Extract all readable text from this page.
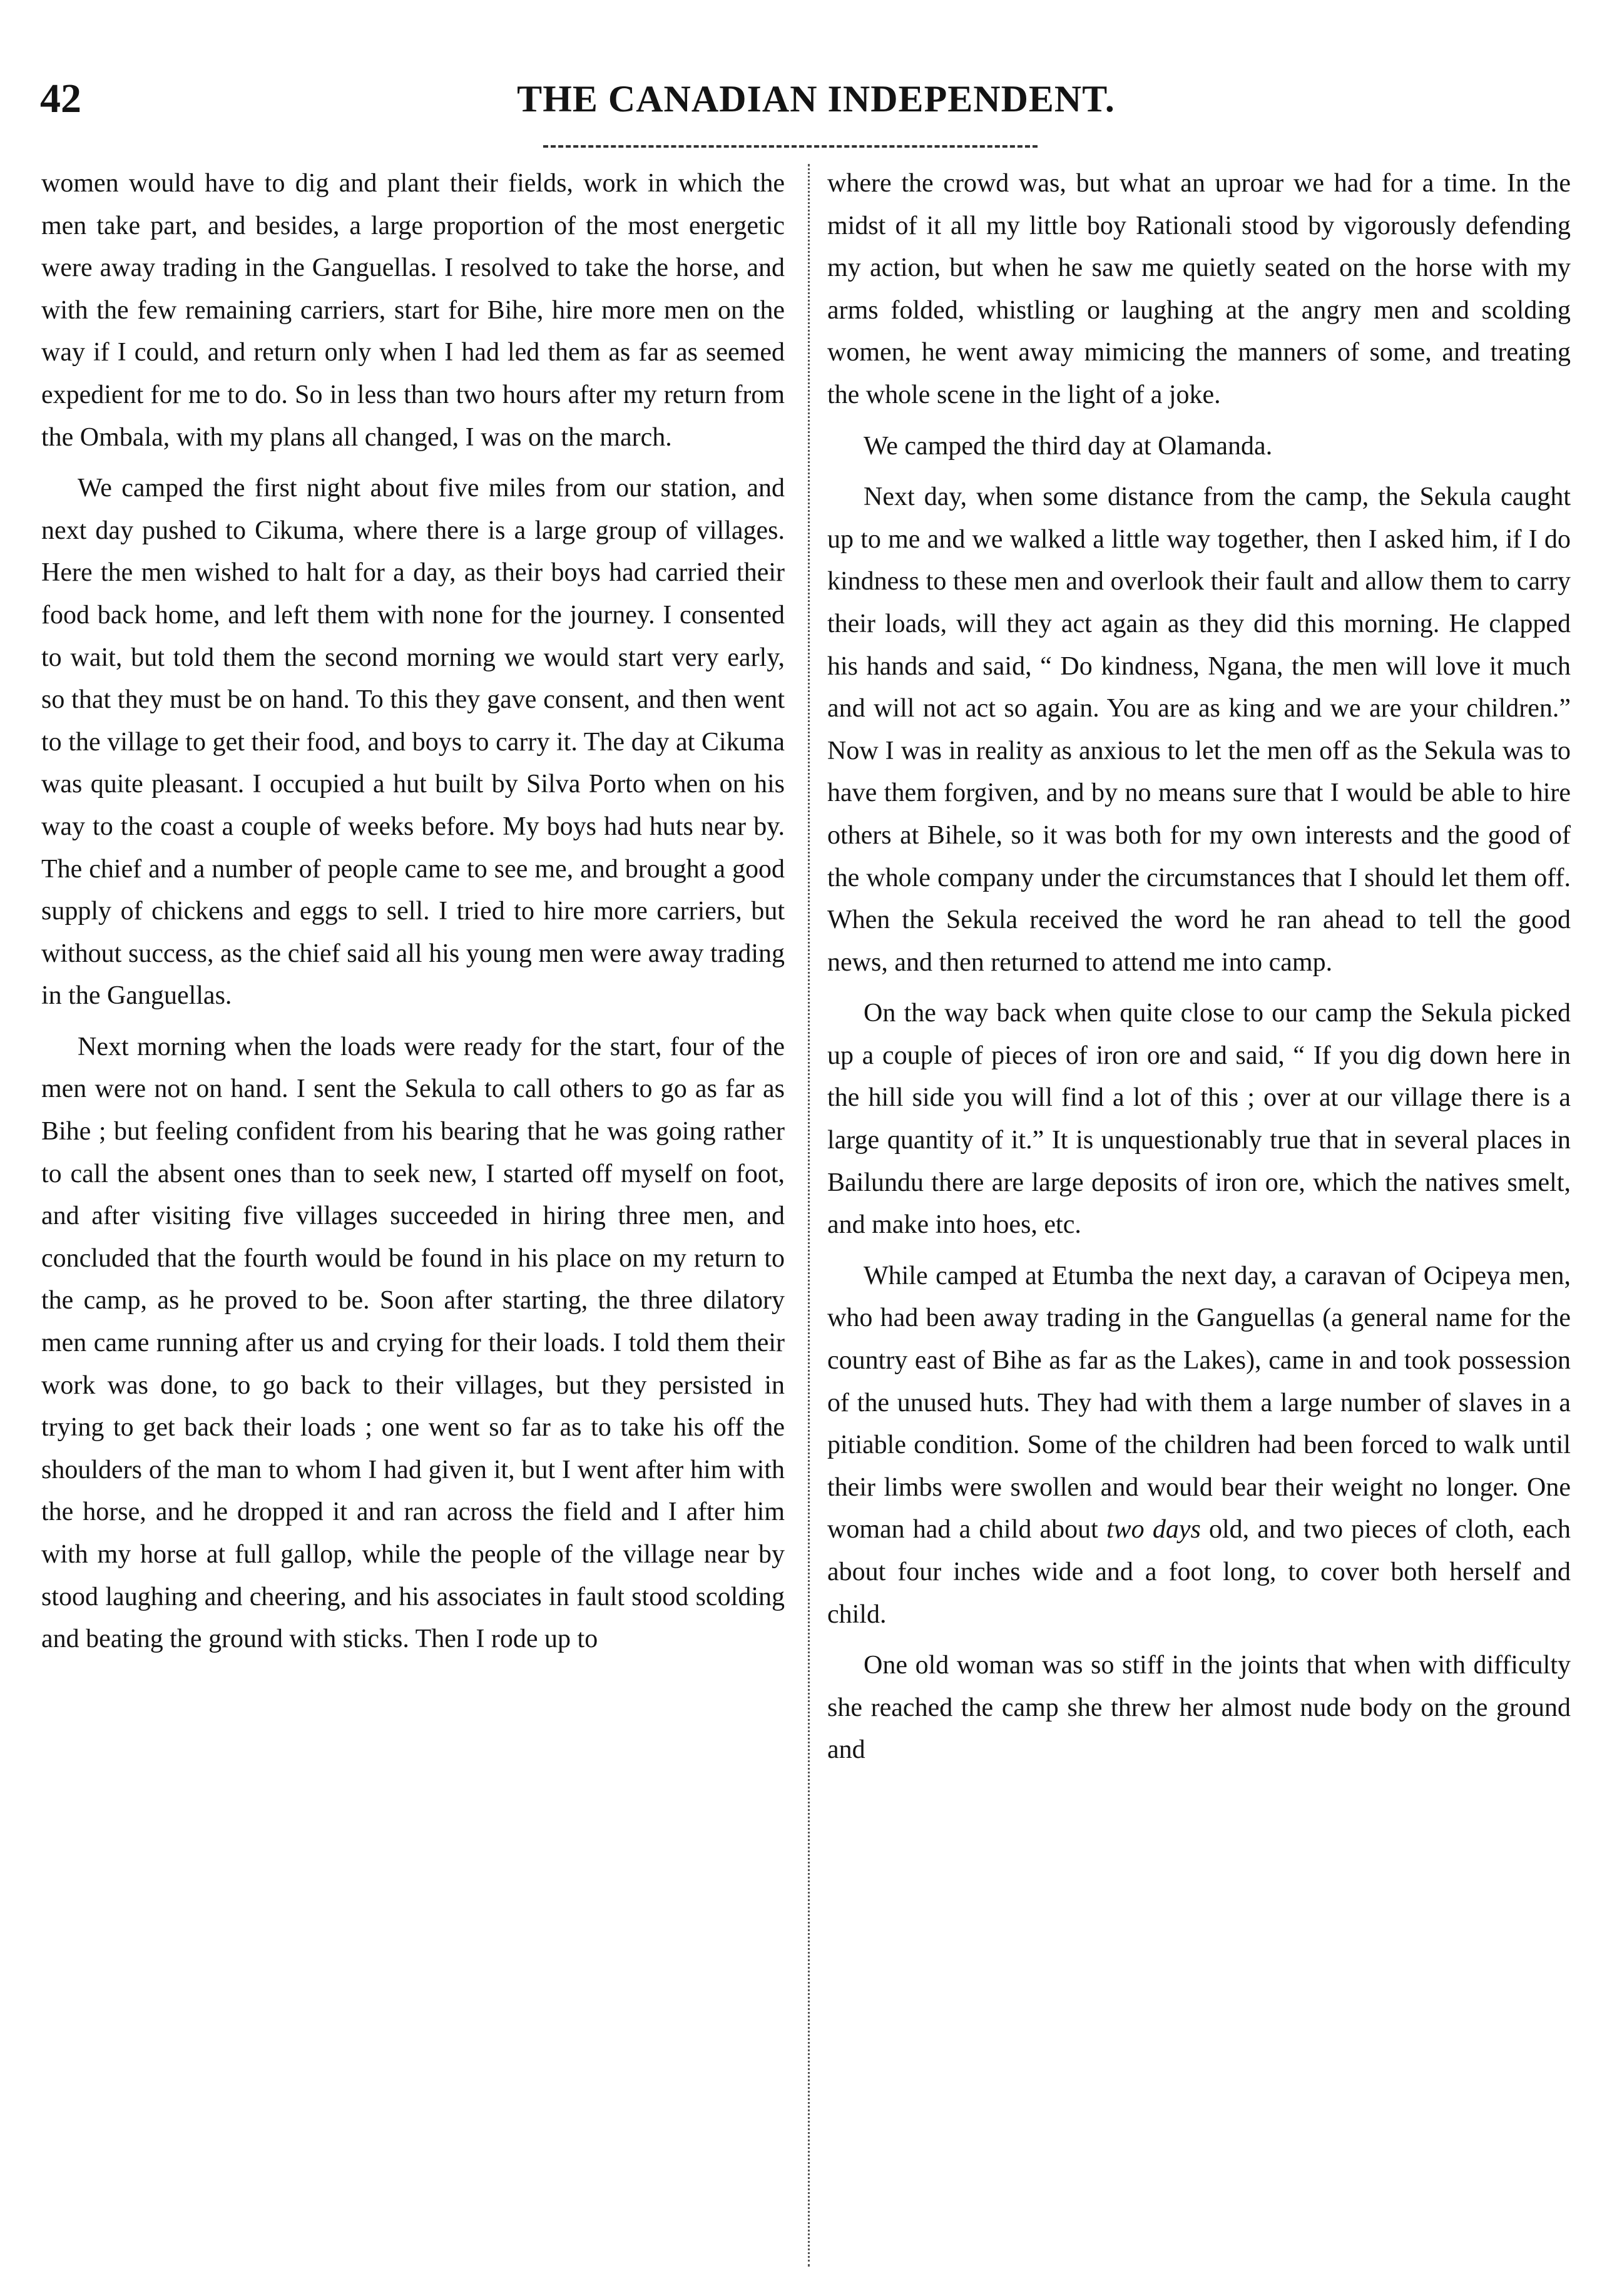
42	THE CANADIAN INDEPENDENT.

women would have to dig and plant their fields, work in which the men take part, and besides, a large proportion of the most energetic were away trading in the Ganguellas. I resolved to take the horse, and with the few remaining carriers, start for Bihe, hire more men on the way if I could, and return only when I had led them as far as seemed expedient for me to do. So in less than two hours after my return from the Ombala, with my plans all changed, I was on the march.

We camped the first night about five miles from our station, and next day pushed to Cikuma, where there is a large group of villages. Here the men wished to halt for a day, as their boys had carried their food back home, and left them with none for the journey. I consented to wait, but told them the second morning we would start very early, so that they must be on hand. To this they gave consent, and then went to the village to get their food, and boys to carry it. The day at Cikuma was quite pleasant. I occupied a hut built by Silva Porto when on his way to the coast a couple of weeks before. My boys had huts near by. The chief and a number of people came to see me, and brought a good supply of chickens and eggs to sell. I tried to hire more carriers, but without success, as the chief said all his young men were away trading in the Ganguellas.

Next morning when the loads were ready for the start, four of the men were not on hand. I sent the Sekula to call others to go as far as Bihe ; but feeling confident from his bearing that he was going rather to call the absent ones than to seek new, I started off myself on foot, and after visiting five villages succeeded in hiring three men, and concluded that the fourth would be found in his place on my return to the camp, as he proved to be. Soon after starting, the three dilatory men came running after us and crying for their loads. I told them their work was done, to go back to their villages, but they persisted in trying to get back their loads ; one went so far as to take his off the shoulders of the man to whom I had given it, but I went after him with the horse, and he dropped it and ran across the field and I after him with my horse at full gallop, while the people of the village near by stood laughing and cheering, and his associates in fault stood scolding and beating the ground with sticks. Then I rode up to

where the crowd was, but what an uproar we had for a time. In the midst of it all my little boy Rationali stood by vigorously defending my action, but when he saw me quietly seated on the horse with my arms folded, whistling or laughing at the angry men and scolding women, he went away mimicing the manners of some, and treating the whole scene in the light of a joke.

We camped the third day at Olamanda.

Next day, when some distance from the camp, the Sekula caught up to me and we walked a little way together, then I asked him, if I do kindness to these men and overlook their fault and allow them to carry their loads, will they act again as they did this morning. He clapped his hands and said, “ Do kindness, Ngana, the men will love it much and will not act so again. You are as king and we are your children.” Now I was in reality as anxious to let the men off as the Sekula was to have them forgiven, and by no means sure that I would be able to hire others at Bihele, so it was both for my own interests and the good of the whole company under the circumstances that I should let them off. When the Sekula received the word he ran ahead to tell the good news, and then returned to attend me into camp.

On the way back when quite close to our camp the Sekula picked up a couple of pieces of iron ore and said, “ If you dig down here in the hill side you will find a lot of this ; over at our village there is a large quantity of it.” It is unquestionably true that in several places in Bailundu there are large deposits of iron ore, which the natives smelt, and make into hoes, etc.

While camped at Etumba the next day, a caravan of Ocipeya men, who had been away trading in the Ganguellas (a general name for the country east of Bihe as far as the Lakes), came in and took possession of the unused huts. They had with them a large number of slaves in a pitiable condition. Some of the children had been forced to walk until their limbs were swollen and would bear their weight no longer. One woman had a child about two days old, and two pieces of cloth, each about four inches wide and a foot long, to cover both herself and child.

One old woman was so stiff in the joints that when with difficulty she reached the camp she threw her almost nude body on the ground and
